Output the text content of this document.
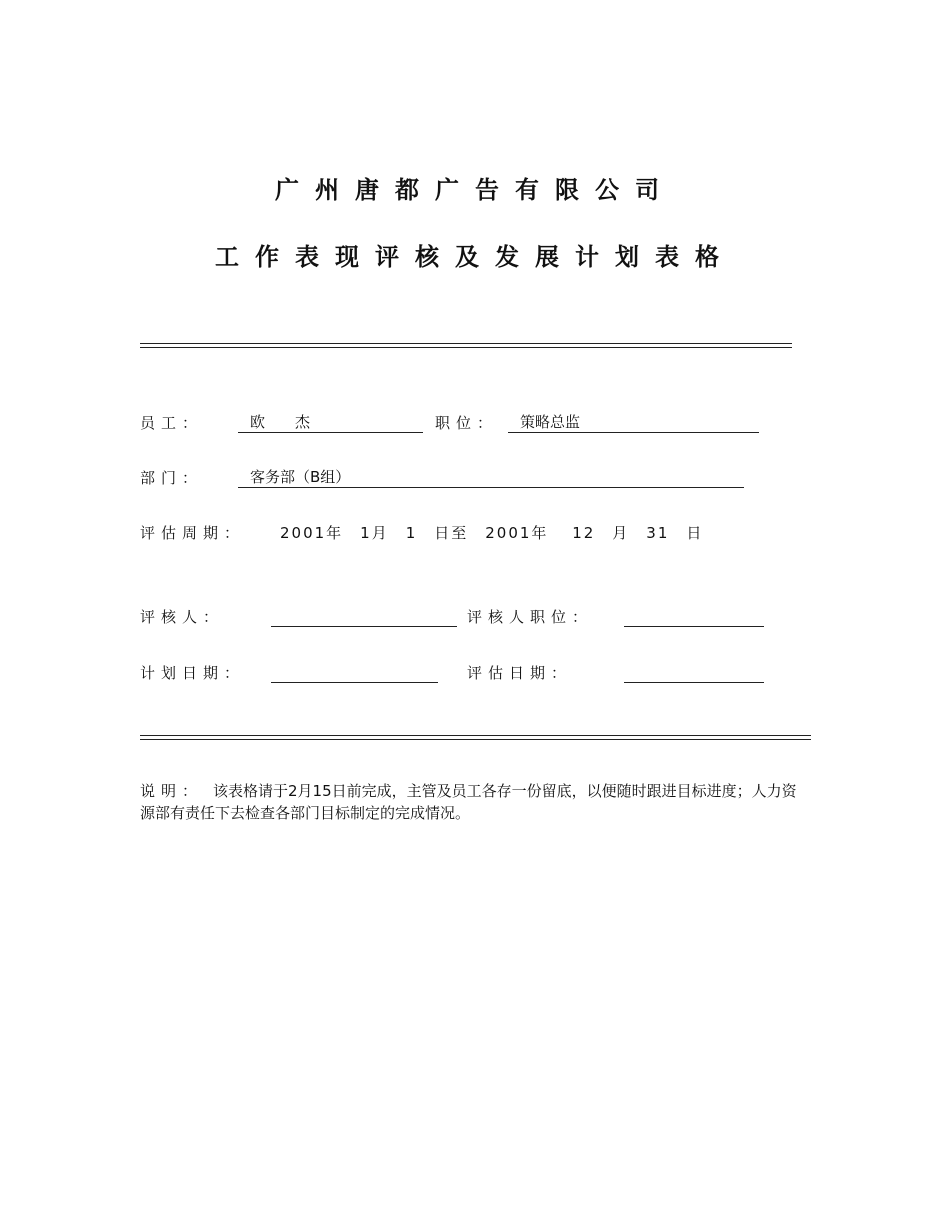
广州唐都广告有限公司
工作表现评核及发展计划表格
员工：	欧　　杰	职位：	策略总监
部门：	客务部（B组）
评估周期： 2001年　1月　1　日至　2001年　 12　月　31　日
评核人：	评核人职位：
计划日期：	评估日期：
说明： 该表格请于2月15日前完成，主管及员工各存一份留底，以便随时跟进目标进度；人力资源部有责任下去检查各部门目标制定的完成情况。
